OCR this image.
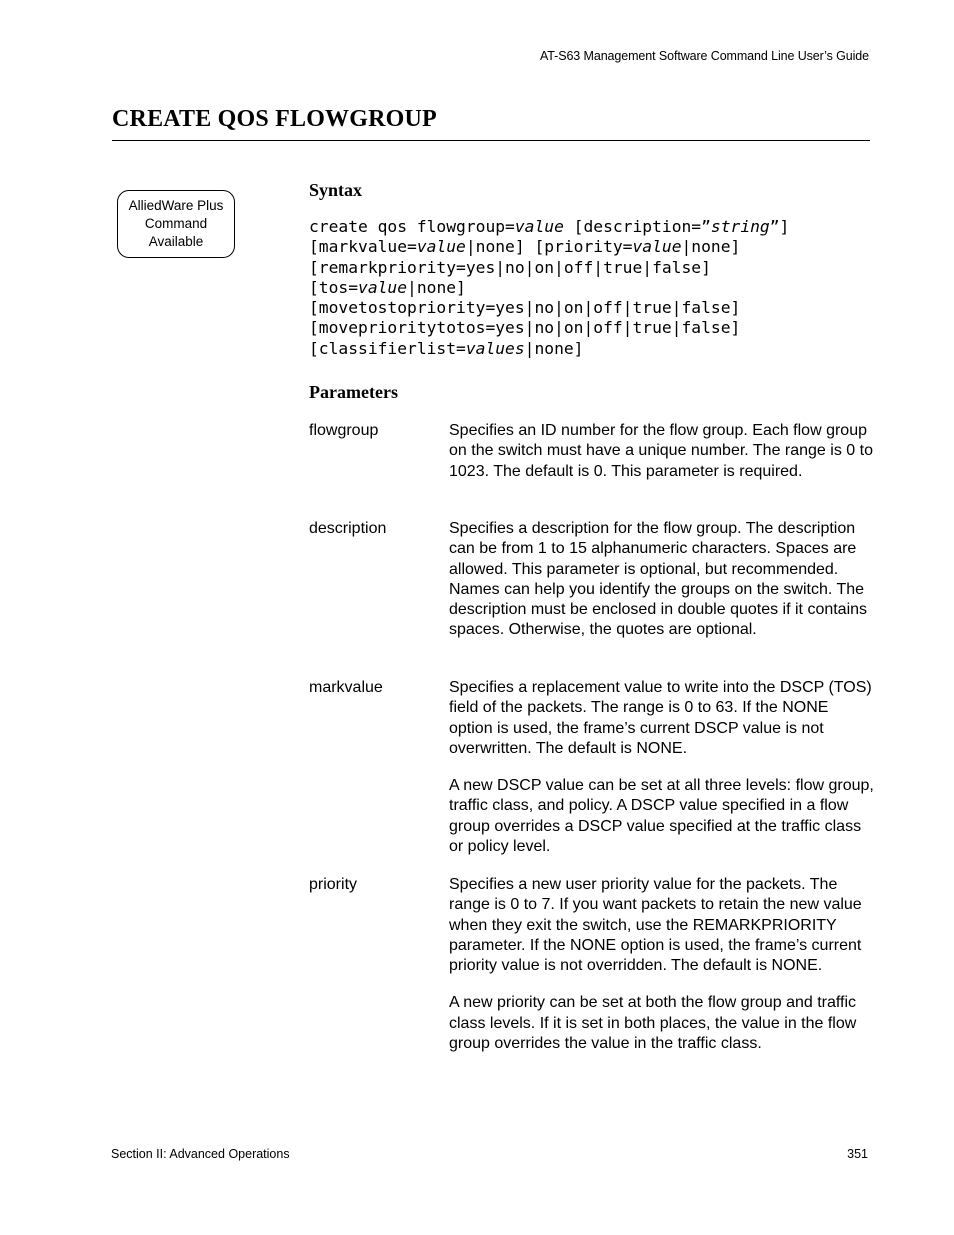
AT-S63 Management Software Command Line User’s Guide
CREATE QOS FLOWGROUP
AlliedWare Plus
Command
Available
Syntax
create qos flowgroup=value [description=”string”]
[markvalue=value|none] [priority=value|none]
[remarkpriority=yes|no|on|off|true|false]
[tos=value|none]
[movetostopriority=yes|no|on|off|true|false]
[moveprioritytotos=yes|no|on|off|true|false]
[classifierlist=values|none]
Parameters
flowgroup	Specifies an ID number for the flow group. Each flow group on the switch must have a unique number. The range is 0 to 1023. The default is 0. This parameter is required.

description	Specifies a description for the flow group. The description can be from 1 to 15 alphanumeric characters. Spaces are allowed. This parameter is optional, but recommended. Names can help you identify the groups on the switch. The description must be enclosed in double quotes if it contains spaces. Otherwise, the quotes are optional.

markvalue	Specifies a replacement value to write into the DSCP (TOS) field of the packets. The range is 0 to 63. If the NONE option is used, the frame’s current DSCP value is not overwritten. The default is NONE.

A new DSCP value can be set at all three levels: flow group, traffic class, and policy. A DSCP value specified in a flow group overrides a DSCP value specified at the traffic class or policy level.

priority	Specifies a new user priority value for the packets. The range is 0 to 7. If you want packets to retain the new value when they exit the switch, use the REMARKPRIORITY parameter. If the NONE option is used, the frame’s current priority value is not overridden. The default is NONE.

A new priority can be set at both the flow group and traffic class levels. If it is set in both places, the value in the flow group overrides the value in the traffic class.

Section II: Advanced Operations	351
